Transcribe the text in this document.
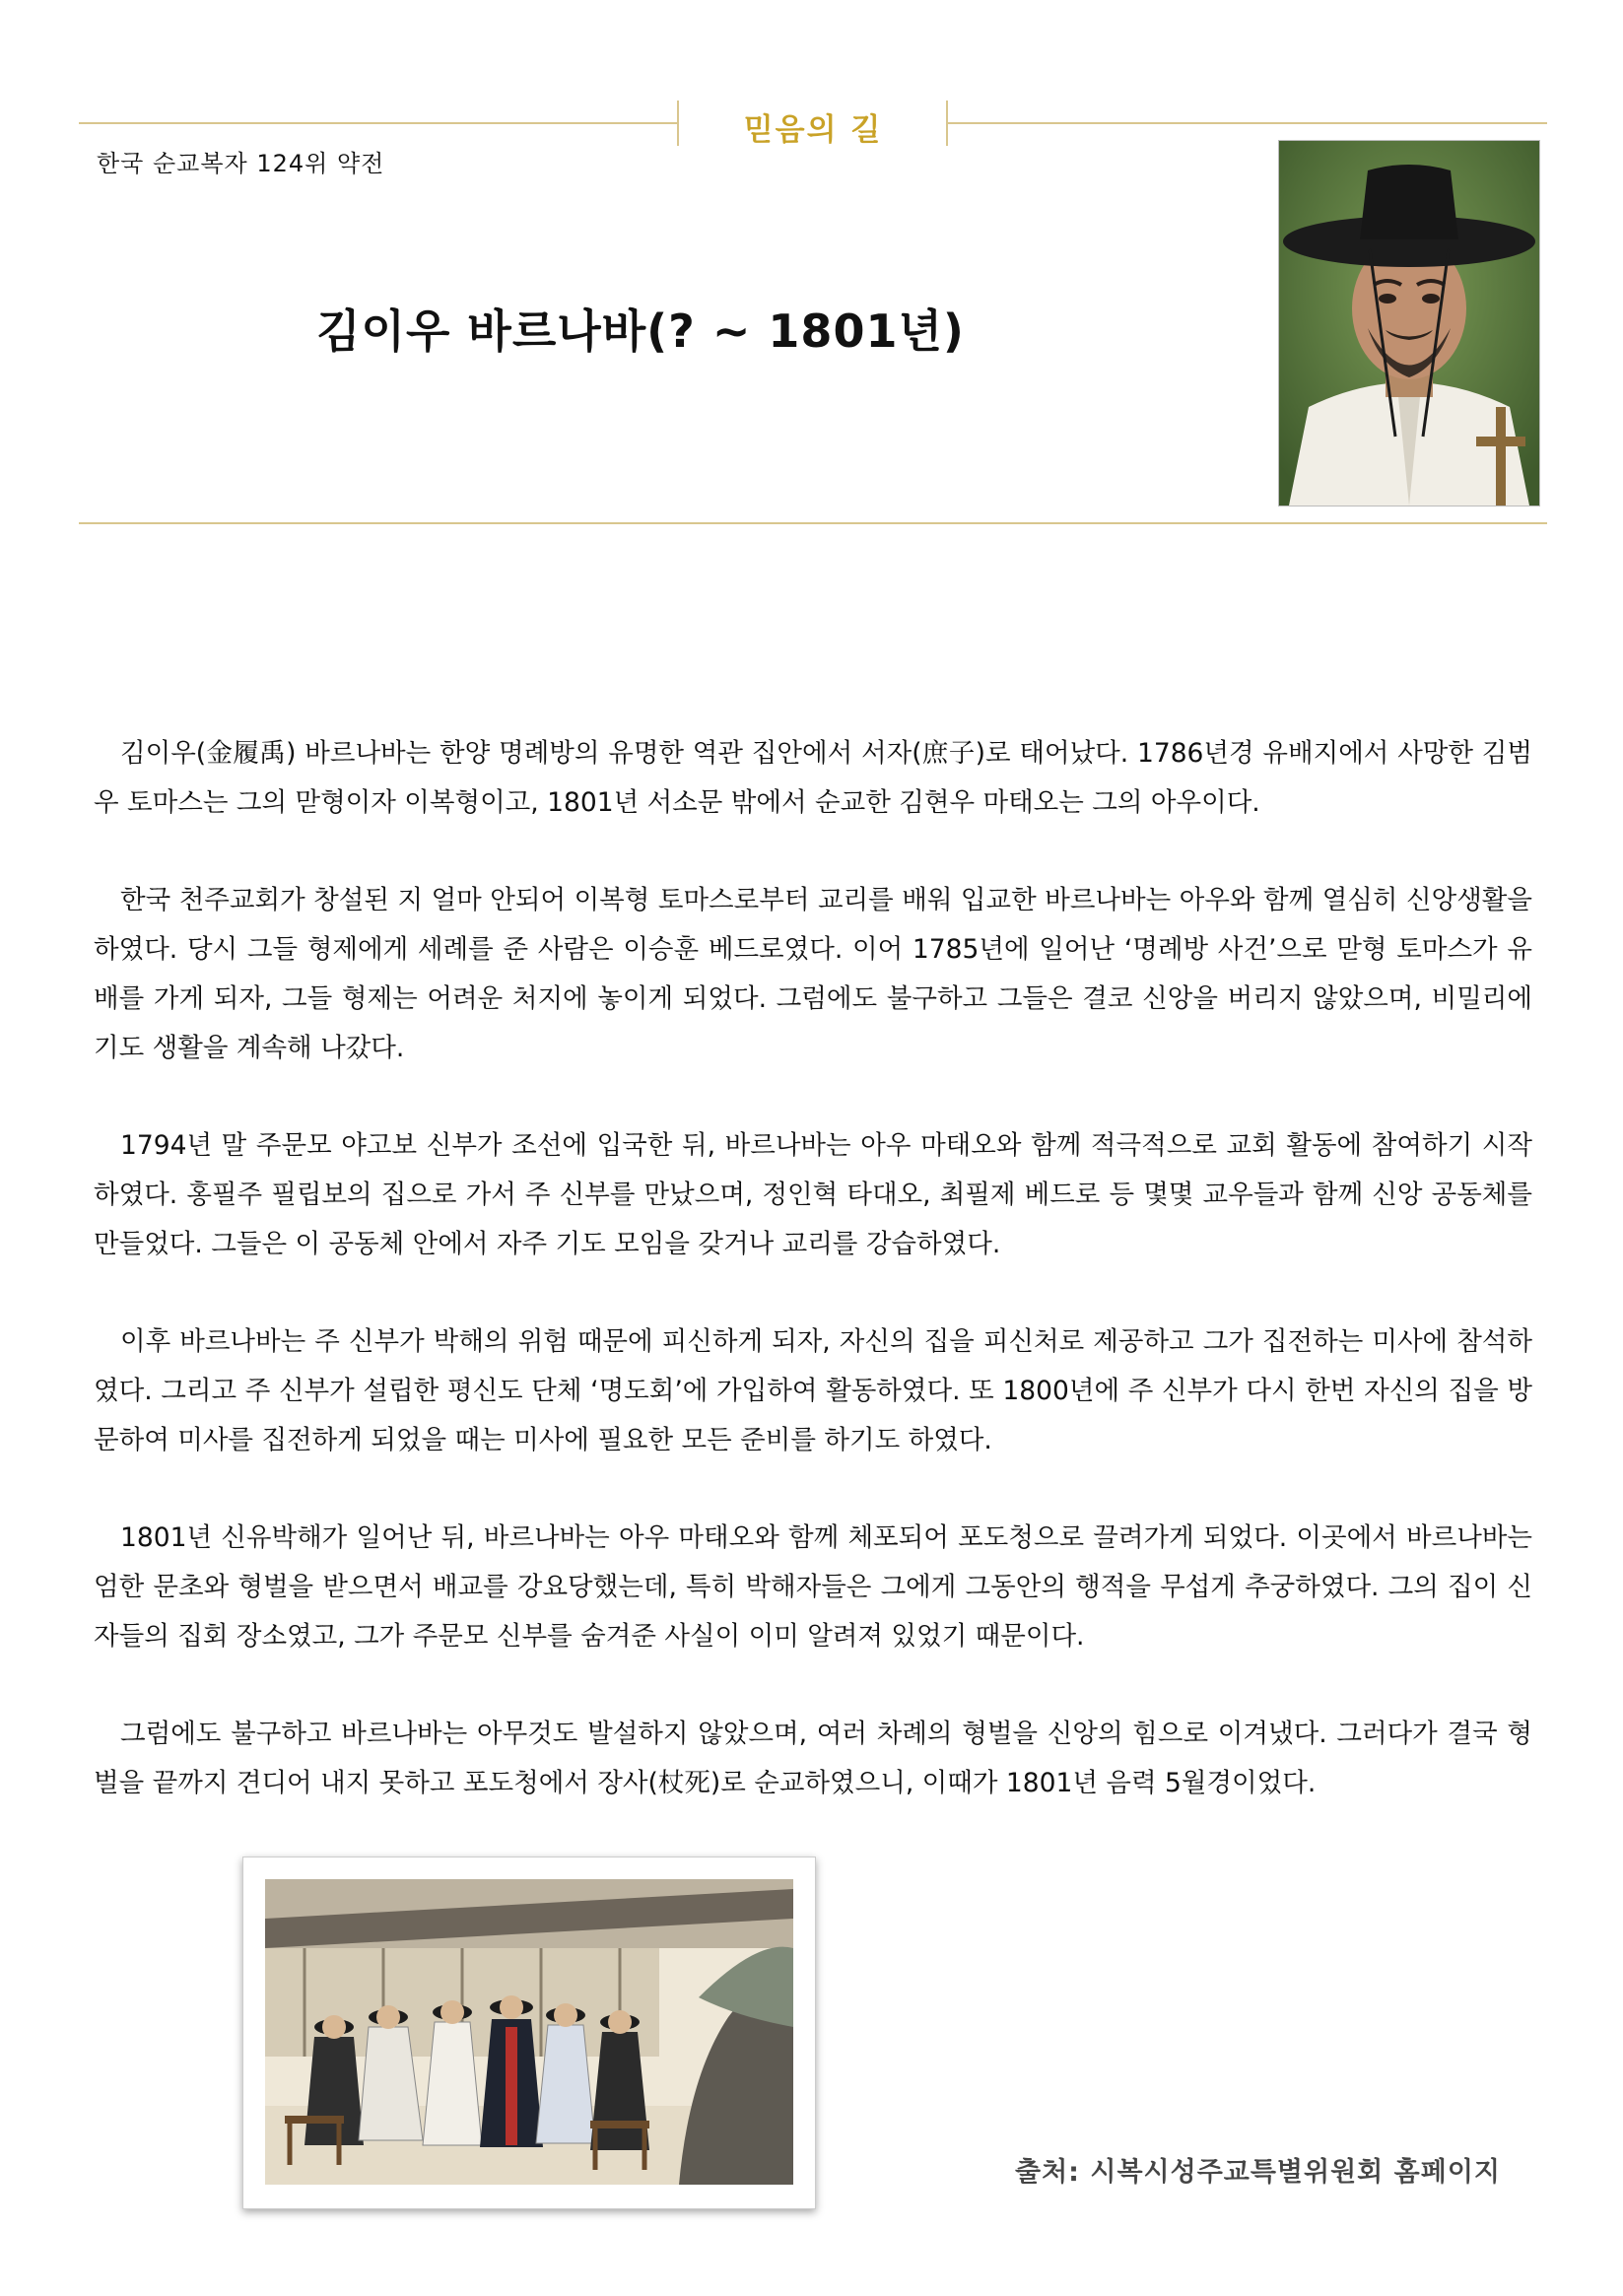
믿음의 길
한국 순교복자 124위 약전
김이우 바르나바(? ~ 1801년)

김이우(金履禹) 바르나바는 한양 명례방의 유명한 역관 집안에서 서자(庶子)로 태어났다. 1786년경 유배지에서 사망한 김범우 토마스는 그의 맏형이자 이복형이고, 1801년 서소문 밖에서 순교한 김현우 마태오는 그의 아우이다.

한국 천주교회가 창설된 지 얼마 안되어 이복형 토마스로부터 교리를 배워 입교한 바르나바는 아우와 함께 열심히 신앙생활을 하였다. 당시 그들 형제에게 세례를 준 사람은 이승훈 베드로였다. 이어 1785년에 일어난 ‘명례방 사건’으로 맏형 토마스가 유배를 가게 되자, 그들 형제는 어려운 처지에 놓이게 되었다. 그럼에도 불구하고 그들은 결코 신앙을 버리지 않았으며, 비밀리에 기도 생활을 계속해 나갔다.

1794년 말 주문모 야고보 신부가 조선에 입국한 뒤, 바르나바는 아우 마태오와 함께 적극적으로 교회 활동에 참여하기 시작하였다. 홍필주 필립보의 집으로 가서 주 신부를 만났으며, 정인혁 타대오, 최필제 베드로 등 몇몇 교우들과 함께 신앙 공동체를 만들었다. 그들은 이 공동체 안에서 자주 기도 모임을 갖거나 교리를 강습하였다.

이후 바르나바는 주 신부가 박해의 위험 때문에 피신하게 되자, 자신의 집을 피신처로 제공하고 그가 집전하는 미사에 참석하였다. 그리고 주 신부가 설립한 평신도 단체 ‘명도회’에 가입하여 활동하였다. 또 1800년에 주 신부가 다시 한번 자신의 집을 방문하여 미사를 집전하게 되었을 때는 미사에 필요한 모든 준비를 하기도 하였다.

1801년 신유박해가 일어난 뒤, 바르나바는 아우 마태오와 함께 체포되어 포도청으로 끌려가게 되었다. 이곳에서 바르나바는 엄한 문초와 형벌을 받으면서 배교를 강요당했는데, 특히 박해자들은 그에게 그동안의 행적을 무섭게 추궁하였다. 그의 집이 신자들의 집회 장소였고, 그가 주문모 신부를 숨겨준 사실이 이미 알려져 있었기 때문이다.

그럼에도 불구하고 바르나바는 아무것도 발설하지 않았으며, 여러 차례의 형벌을 신앙의 힘으로 이겨냈다. 그러다가 결국 형벌을 끝까지 견디어 내지 못하고 포도청에서 장사(杖死)로 순교하였으니, 이때가 1801년 음력 5월경이었다.

출처: 시복시성주교특별위원회 홈페이지
